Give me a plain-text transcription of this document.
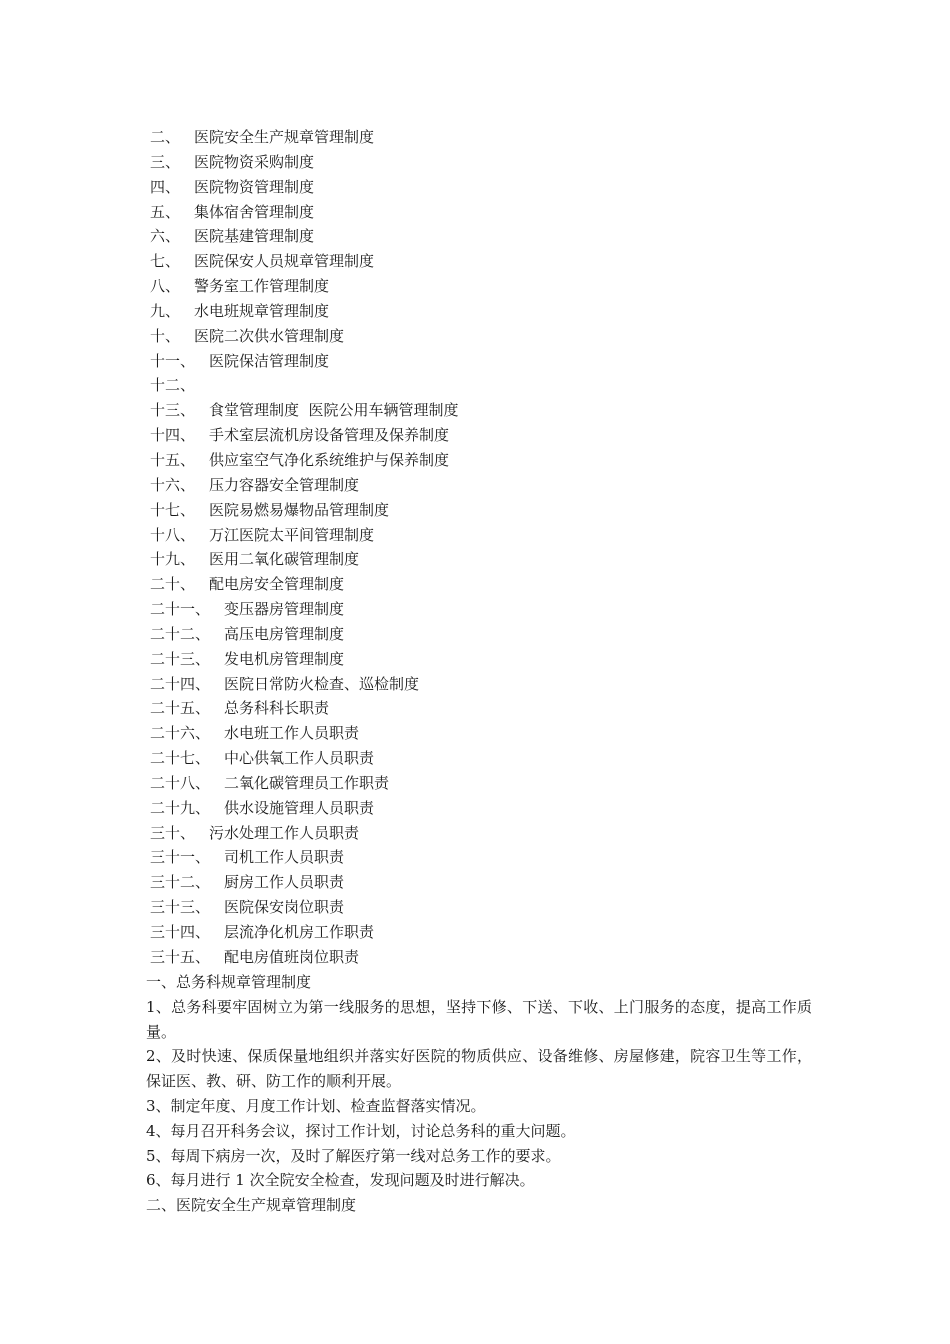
二、 医院安全生产规章管理制度
三、 医院物资采购制度
四、 医院物资管理制度
五、 集体宿舍管理制度
六、 医院基建管理制度
七、 医院保安人员规章管理制度
八、 警务室工作管理制度
九、 水电班规章管理制度
十、 医院二次供水管理制度
十一、 医院保洁管理制度
十二、
十三、 食堂管理制度  医院公用车辆管理制度
十四、 手术室层流机房设备管理及保养制度
十五、 供应室空气净化系统维护与保养制度
十六、 压力容器安全管理制度
十七、 医院易燃易爆物品管理制度
十八、 万江医院太平间管理制度
十九、 医用二氧化碳管理制度
二十、 配电房安全管理制度
二十一、 变压器房管理制度
二十二、 高压电房管理制度
二十三、 发电机房管理制度
二十四、 医院日常防火检查、巡检制度
二十五、 总务科科长职责
二十六、 水电班工作人员职责
二十七、 中心供氧工作人员职责
二十八、 二氧化碳管理员工作职责
二十九、 供水设施管理人员职责
三十、 污水处理工作人员职责
三十一、 司机工作人员职责
三十二、 厨房工作人员职责
三十三、 医院保安岗位职责
三十四、 层流净化机房工作职责
三十五、 配电房值班岗位职责

一、总务科规章管理制度

1、总务科要牢固树立为第一线服务的思想，坚持下修、下送、下收、上门服务的态度，提高工作质量。

2、及时快速、保质保量地组织并落实好医院的物质供应、设备维修、房屋修建，院容卫生等工作，保证医、教、研、防工作的顺利开展。

3、制定年度、月度工作计划、检查监督落实情况。

4、每月召开科务会议，探讨工作计划，讨论总务科的重大问题。

5、每周下病房一次，及时了解医疗第一线对总务工作的要求。

6、每月进行 1 次全院安全检查，发现问题及时进行解决。

二、医院安全生产规章管理制度
